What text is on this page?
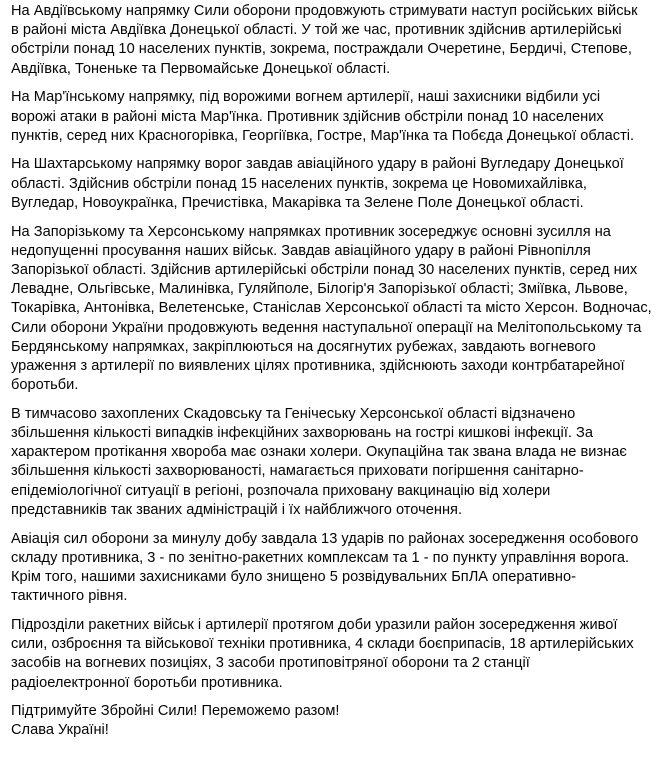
На Авдіївському напрямку Сили оборони продовжують стримувати наступ російських військ
в районі міста Авдіївка Донецької області. У той же час, противник здійснив артилерійські
обстріли понад 10 населених пунктів, зокрема, постраждали Очеретине, Бердичі, Степове,
Авдіївка, Тоненьке та Первомайське Донецької області.

На Мар'їнському напрямку, під ворожими вогнем артилерії, наші захисники відбили усі
ворожі атаки в районі міста Мар'їнка. Противник здійснив обстріли понад 10 населених
пунктів, серед них Красногорівка, Георгіївка, Гостре, Мар'їнка та Побєда Донецької області.

На Шахтарському напрямку ворог завдав авіаційного удару в районі Вугледару Донецької
області. Здійснив обстріли понад 15 населених пунктів, зокрема це Новомихайлівка,
Вугледар, Новоукраїнка, Пречистівка, Макарівка та Зелене Поле Донецької області.

На Запорізькому та Херсонському напрямках противник зосереджує основні зусилля на
недопущенні просування наших військ. Завдав авіаційного удару в районі Рівнопілля
Запорізької області. Здійснив артилерійські обстріли понад 30 населених пунктів, серед них
Левадне, Ольгівське, Малинівка, Гуляйполе, Білогір'я Запорізької області; Зміївка, Львове,
Токарівка, Антонівка, Велетенське, Станіслав Херсонської області та місто Херсон. Водночас,
Сили оборони України продовжують ведення наступальної операції на Мелітопольському та
Бердянському напрямках, закріплюються на досягнутих рубежах, завдають вогневого
ураження з артилерії по виявлених цілях противника, здійснюють заходи контрбатарейної
боротьби.

В тимчасово захоплених Скадовську та Генічеську Херсонської області відзначено
збільшення кількості випадків інфекційних захворювань на гострі кишкові інфекції. За
характером протікання хвороба має ознаки холери. Окупаційна так звана влада не визнає
збільшення кількості захворюваності, намагається приховати погіршення санітарно-
епідеміологічної ситуації в регіоні, розпочала приховану вакцинацію від холери
представників так званих адміністрацій і їх найближчого оточення.

Авіація сил оборони за минулу добу завдала 13 ударів по районах зосередження особового
складу противника, 3 - по зенітно-ракетних комплексам та 1 - по пункту управління ворога.
Крім того, нашими захисниками було знищено 5 розвідувальних БпЛА оперативно-
тактичного рівня.

Підрозділи ракетних військ і артилерії протягом доби уразили район зосередження живої
сили, озброєння та військової техніки противника, 4 склади боєприпасів, 18 артилерійських
засобів на вогневих позиціях, 3 засоби протиповітряної оборони та 2 станції
радіоелектронної боротьби противника.

Підтримуйте Збройні Сили! Переможемо разом!
Слава Україні!
